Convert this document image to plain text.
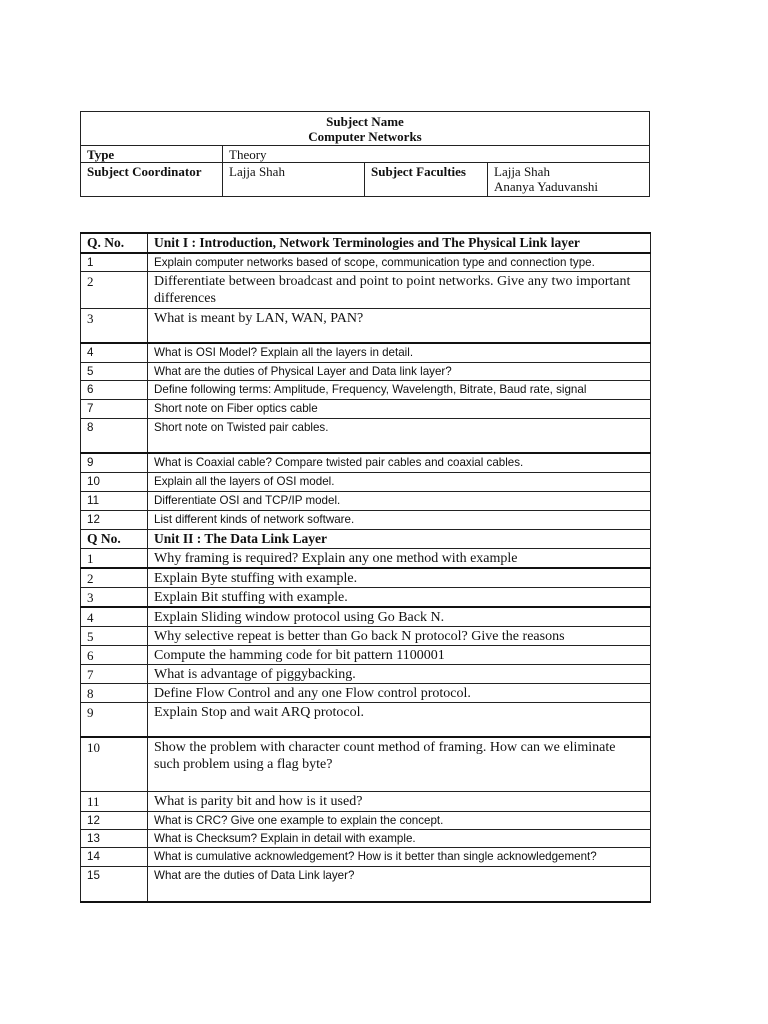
Subject Name
Computer Networks			

Type	Theory		
Subject Coordinator	Lajja Shah	Subject Faculties	Lajja Shah
Ananya Yaduvanshi
Q. No.	Unit I : Introduction, Network Terminologies and The Physical Link layer
1	Explain computer networks based of scope, communication type and connection type.
2	Differentiate between broadcast and point to point networks. Give any two important differences
3	What is meant by LAN, WAN, PAN?
4	What is OSI Model? Explain all the layers in detail.
5	What are the duties of Physical Layer and Data link layer?
6	Define following terms: Amplitude, Frequency, Wavelength, Bitrate, Baud rate, signal
7	Short note on Fiber optics cable
8	Short note on Twisted pair cables.
9	What is Coaxial cable? Compare twisted pair cables and coaxial cables.
10	Explain all the layers of OSI model.
11	Differentiate OSI and TCP/IP model.
12	List different kinds of network software.
Q No.	Unit II : The Data Link Layer
1	Why framing is required? Explain any one method with example
2	Explain Byte stuffing with example.
3	Explain Bit stuffing with example.
4	Explain Sliding window protocol using Go Back N.
5	Why selective repeat is better than Go back N protocol? Give the reasons
6	Compute the hamming code for bit pattern 1100001
7	What is advantage of piggybacking.
8	Define Flow Control and any one Flow control protocol.
9	Explain Stop and wait ARQ protocol.
10	Show the problem with character count method of framing. How can we eliminate such problem using a flag byte?
11	What is parity bit and how is it used?
12	What is CRC? Give one example to explain the concept.
13	What is Checksum? Explain in detail with example.
14	What is cumulative acknowledgement? How is it better than single acknowledgement?
15	What are the duties of Data Link layer?
